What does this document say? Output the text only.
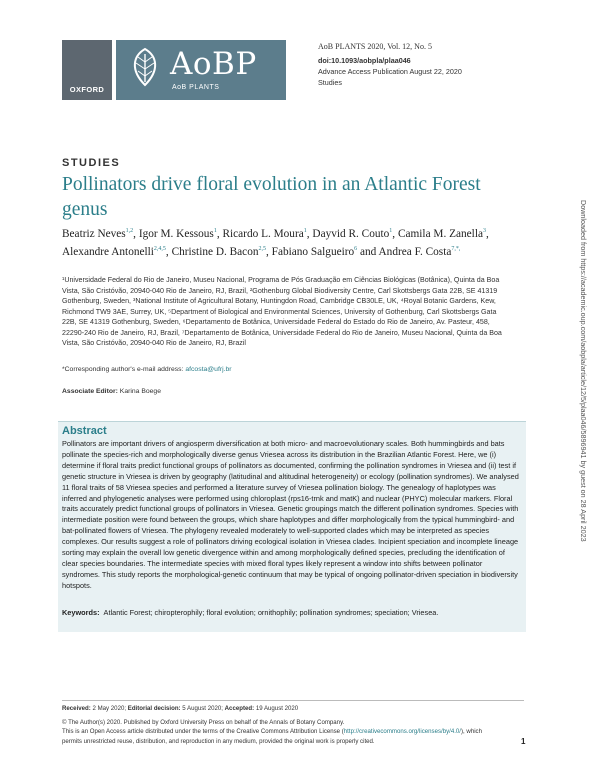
OXFORD
AoBP
AoB PLANTS
AoB PLANTS 2020, Vol. 12, No. 5
doi:10.1093/aobpla/plaa046
Advance Access Publication August 22, 2020
Studies
STUDIES
Pollinators drive floral evolution in an Atlantic Forest genus
Beatriz Neves$^{1,2}$, Igor M. Kessous$^1$, Ricardo L. Moura$^1$, Dayvid R. Couto$^1$, Camila M. Zanella$^3$, Alexandre Antonelli$^{2,4,5}$, Christine D. Bacon$^{2,5}$, Fabiano Salgueiro$^6$ and Andrea F. Costa$^{7,*,}$
¹Universidade Federal do Rio de Janeiro, Museu Nacional, Programa de Pós Graduação em Ciências Biológicas (Botânica), Quinta da Boa Vista, São Cristóvão, 20940-040 Rio de Janeiro, RJ, Brazil, ²Gothenburg Global Biodiversity Centre, Carl Skottsbergs Gata 22B, SE 41319 Gothenburg, Sweden, ³National Institute of Agricultural Botany, Huntingdon Road, Cambridge CB30LE, UK, ⁴Royal Botanic Gardens, Kew, Richmond TW9 3AE, Surrey, UK, ⁵Department of Biological and Environmental Sciences, University of Gothenburg, Carl Skottsbergs Gata 22B, SE 41319 Gothenburg, Sweden, ⁶Departamento de Botânica, Universidade Federal do Estado do Rio de Janeiro, Av. Pasteur, 458, 22290-240 Rio de Janeiro, RJ, Brazil, ⁷Departamento de Botânica, Universidade Federal do Rio de Janeiro, Museu Nacional, Quinta da Boa Vista, São Cristóvão, 20940-040 Rio de Janeiro, RJ, Brazil
*Corresponding author's e-mail address: afcosta@ufrj.br
Associate Editor: Karina Boege	Downloaded from https://academic.oup.com/aobpla/article/12/5/plaa046/5896941 by guest on 28 April 2023
Abstract
Pollinators are important drivers of angiosperm diversification at both micro- and macroevolutionary scales. Both hummingbirds and bats pollinate the species-rich and morphologically diverse genus Vriesea across its distribution in the Brazilian Atlantic Forest. Here, we (i) determine if floral traits predict functional groups of pollinators as documented, confirming the pollination syndromes in Vriesea and (ii) test if genetic structure in Vriesea is driven by geography (latitudinal and altitudinal heterogeneity) or ecology (pollination syndromes). We analysed 11 floral traits of 58 Vriesea species and performed a literature survey of Vriesea pollination biology. The genealogy of haplotypes was inferred and phylogenetic analyses were performed using chloroplast (rps16-trnk and matK) and nuclear (PHYC) molecular markers. Floral traits accurately predict functional groups of pollinators in Vriesea. Genetic groupings match the different pollination syndromes. Species with intermediate position were found between the groups, which share haplotypes and differ morphologically from the typical hummingbird- and bat-pollinated flowers of Vriesea. The phylogeny revealed moderately to well-supported clades which may be interpreted as species complexes. Our results suggest a role of pollinators driving ecological isolation in Vriesea clades. Incipient speciation and incomplete lineage sorting may explain the overall low genetic divergence within and among morphologically defined species, precluding the identification of clear species boundaries. The intermediate species with mixed floral types likely represent a window into shifts between pollinator syndromes. This study reports the morphological-genetic continuum that may be typical of ongoing pollinator-driven speciation in biodiversity hotspots.
Keywords: Atlantic Forest; chiropterophily; floral evolution; ornithophily; pollination syndromes; speciation; Vriesea.
Received: 2 May 2020; Editorial decision: 5 August 2020; Accepted: 19 August 2020
© The Author(s) 2020. Published by Oxford University Press on behalf of the Annals of Botany Company.
This is an Open Access article distributed under the terms of the Creative Commons Attribution License (http://creativecommons.org/licenses/by/4.0/), which permits unrestricted reuse, distribution, and reproduction in any medium, provided the original work is properly cited.	1
